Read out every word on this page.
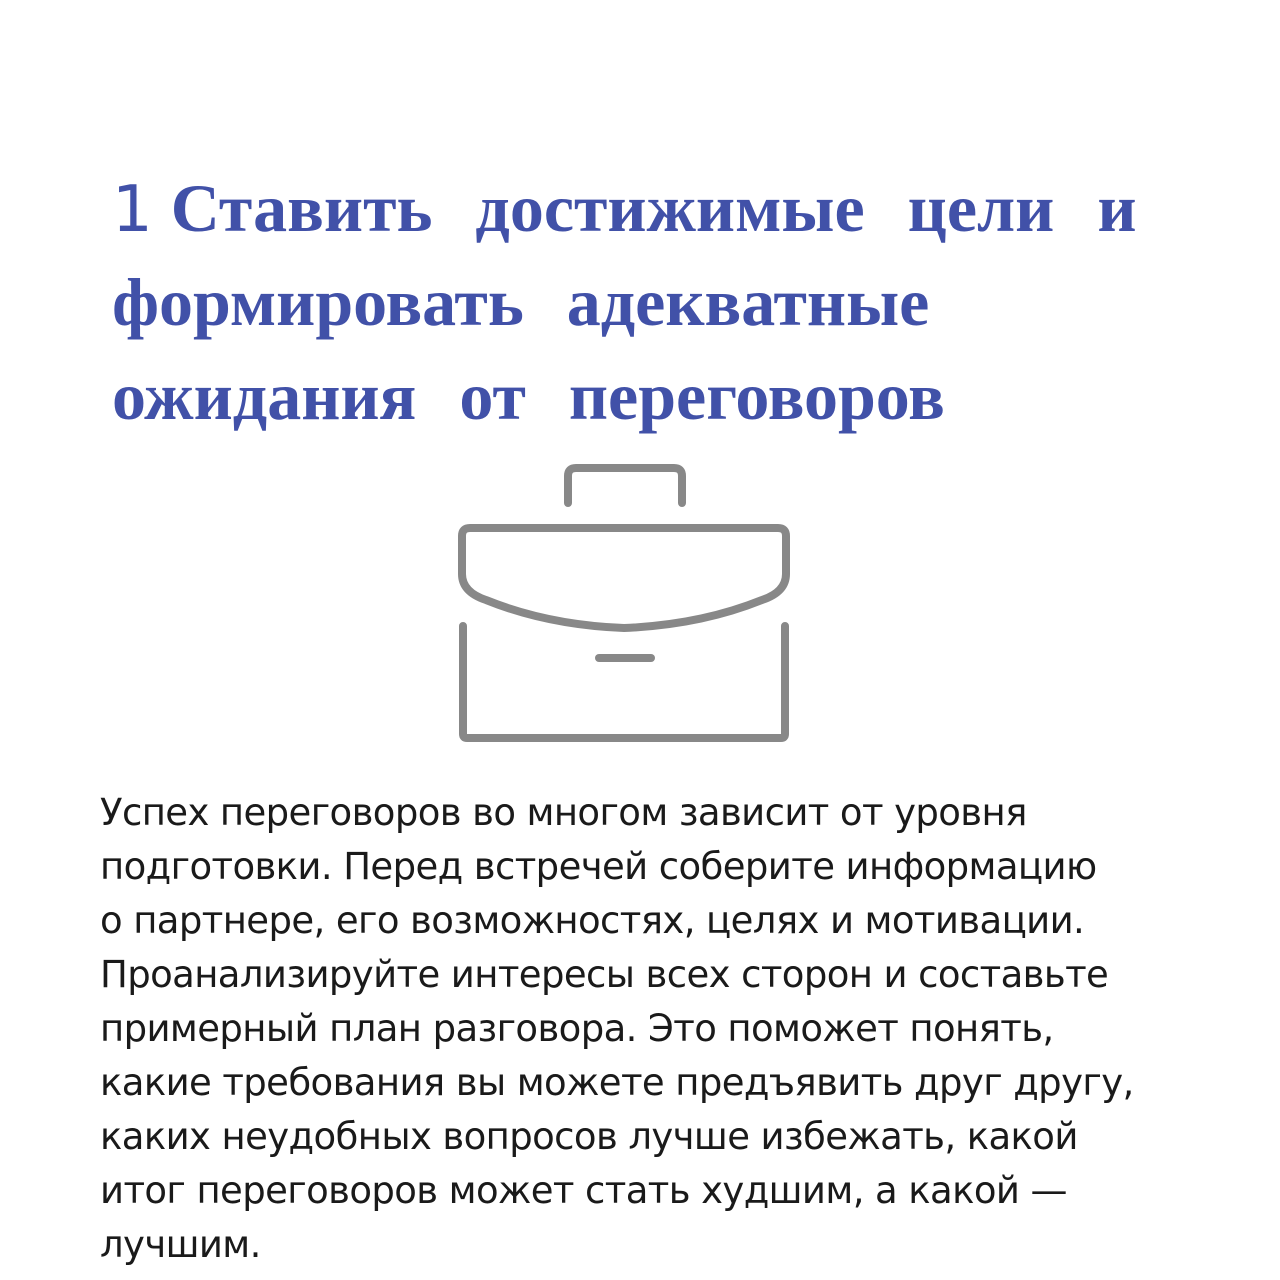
1 Ставить достижимые цели и
формировать адекватные
ожидания от переговоров
Успех переговоров во многом зависит от уровня
подготовки. Перед встречей соберите информацию
о партнере, его возможностях, целях и мотивации.
Проанализируйте интересы всех сторон и составьте
примерный план разговора. Это поможет понять,
какие требования вы можете предъявить друг другу,
каких неудобных вопросов лучше избежать, какой
итог переговоров может стать худшим, а какой —
лучшим.
